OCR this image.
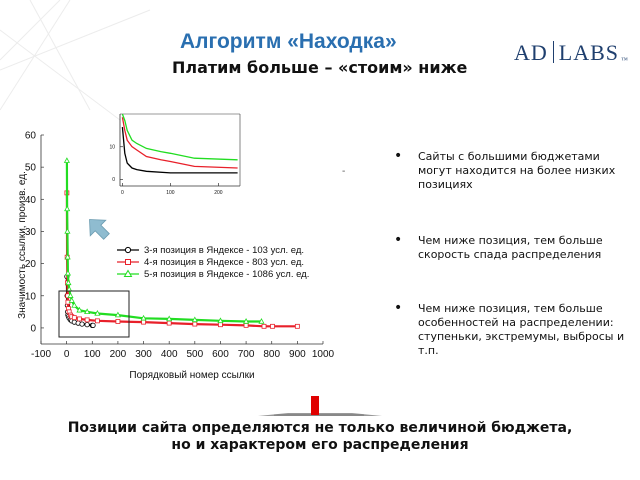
Алгоритм «Находка»
Платим больше – «стоим» ниже
AD LABS ™
-100 0 100 200 300 400 500 600 700 800 900 1000
0
10
20
30
40
50
60
Значимость ссылки, произв. ед.
Порядковый номер ссылки
3-я позиция в Яндексе - 103 усл. ед.
4-я позиция в Яндексе - 803 усл. ед.
5-я позиция в Яндексе - 1086 усл. ед.
0	100	200
0
10
-
• Сайты с большими бюджетами могут находится на более низких позициях
• Чем ниже позиция, тем больше скорость спада распределения
• Чем ниже позиция, тем больше особенностей на распределении: ступеньки, экстремумы, выбросы и т.п.
Позиции сайта определяются не только величиной бюджета,
но и характером его распределения
